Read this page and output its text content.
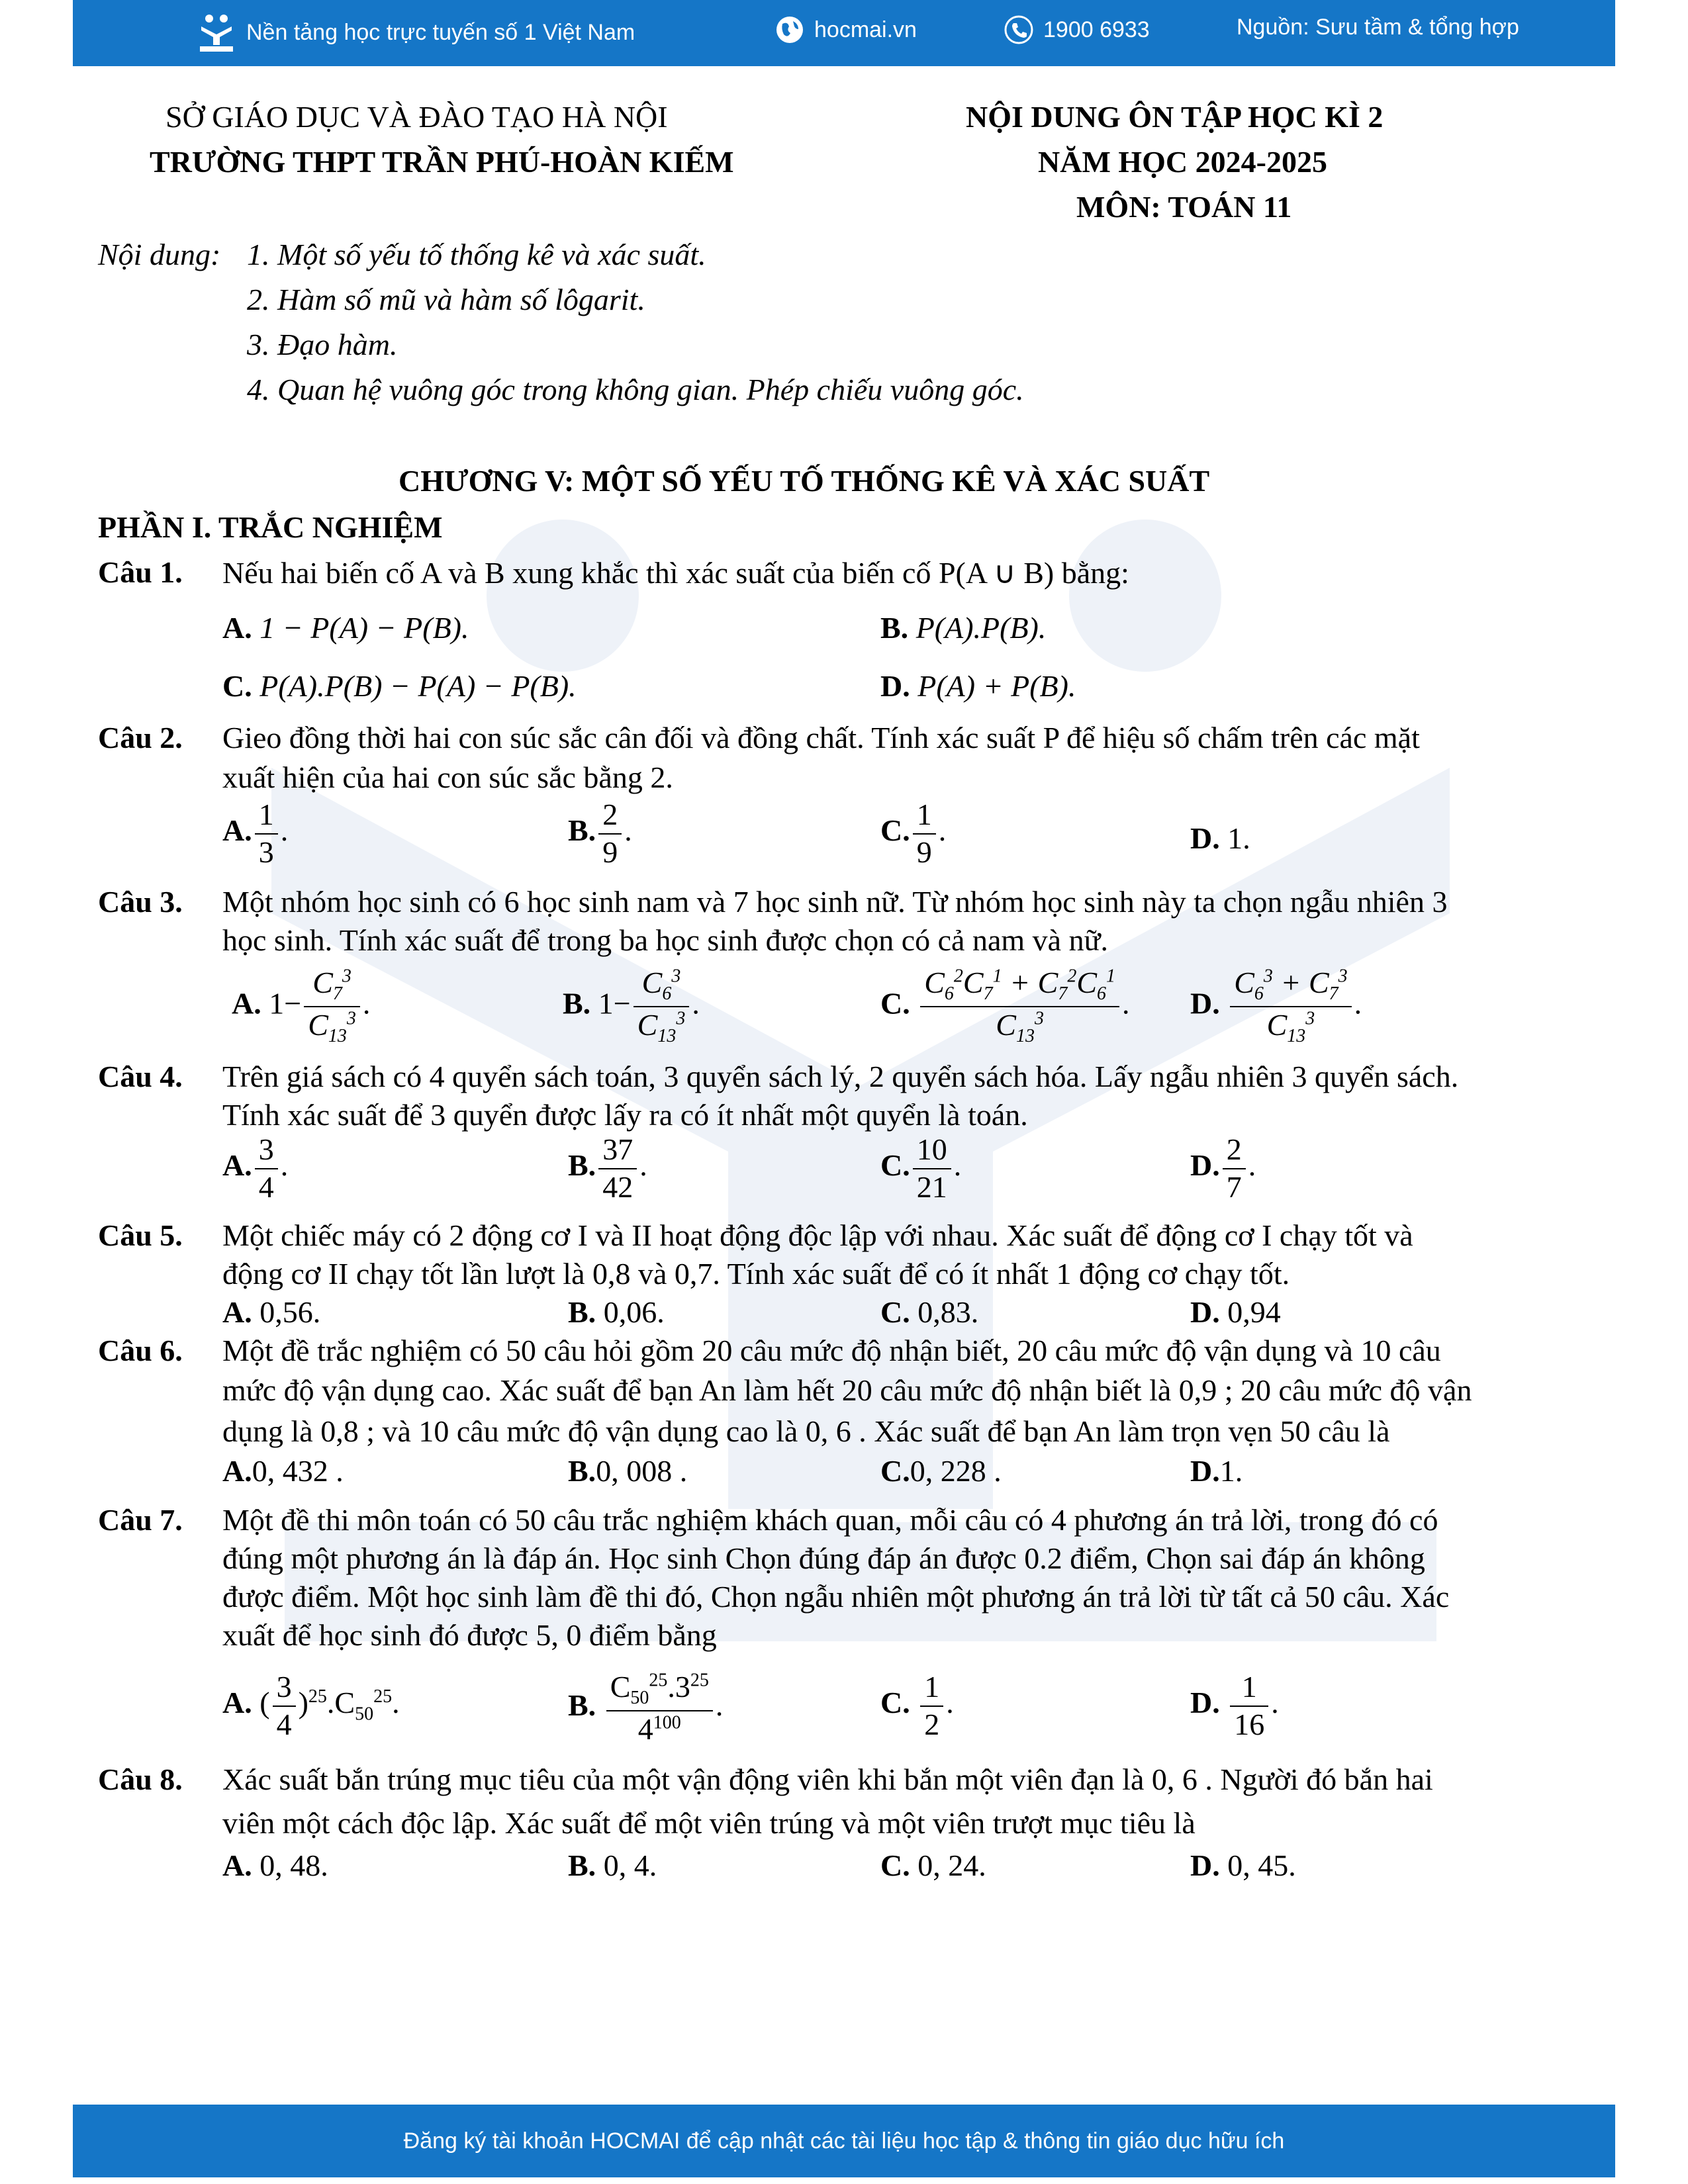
Nền tảng học trực tuyến số 1 Việt Nam	hocmai.vn	1900 6933	Nguồn: Sưu tầm & tổng hợp
SỞ GIÁO DỤC VÀ ĐÀO TẠO HÀ NỘI
TRƯỜNG THPT TRẦN PHÚ-HOÀN KIẾM
NỘI DUNG ÔN TẬP HỌC KÌ 2
NĂM HỌC 2024-2025
MÔN: TOÁN 11
Nội dung: 1. Một số yếu tố thống kê và xác suất.
2. Hàm số mũ và hàm số lôgarit.
3. Đạo hàm.
4. Quan hệ vuông góc trong không gian. Phép chiếu vuông góc.
CHƯƠNG V: MỘT SỐ YẾU TỐ THỐNG KÊ VÀ XÁC SUẤT
PHẦN I. TRẮC NGHIỆM
Câu 1. Nếu hai biến cố A và B xung khắc thì xác suất của biến cố P(A ∪ B) bằng:
A. 1 − P(A) − P(B).	B. P(A).P(B).
C. P(A).P(B) − P(A) − P(B).	D. P(A) + P(B).
Câu 2. Gieo đồng thời hai con súc sắc cân đối và đồng chất. Tính xác suất P để hiệu số chấm trên các mặt
xuất hiện của hai con súc sắc bằng 2.
A. $\frac{1}{3}$ .	B. $\frac{2}{9}$ .	C. $\frac{1}{9}$ .	D. 1.
Câu 3. Một nhóm học sinh có 6 học sinh nam và 7 học sinh nữ. Từ nhóm học sinh này ta chọn ngẫu nhiên 3
học sinh. Tính xác suất để trong ba học sinh được chọn có cả nam và nữ.
A. $1- \frac{C_7^3}{C_{13}^3}$ .	B. $1- \frac{C_6^3}{C_{13}^3}$ .	C. $\frac{C_6^2C_7^1 + C_7^2C_6^1}{C_{13}^3}$ . D. $\frac{C_6^3 + C_7^3}{C_{13}^3}$ .
Câu 4. Trên giá sách có 4 quyển sách toán, 3 quyển sách lý, 2 quyển sách hóa. Lấy ngẫu nhiên 3 quyển sách.
Tính xác suất để 3 quyển được lấy ra có ít nhất một quyển là toán.
A. $\frac{3}{4}$ .	B. $\frac{37}{42}$ .	C. $\frac{10}{21}$ .	D. $\frac{2}{7}$ .
Câu 5. Một chiếc máy có 2 động cơ I và II hoạt động độc lập với nhau. Xác suất để động cơ I chạy tốt và
động cơ II chạy tốt lần lượt là 0,8 và 0,7. Tính xác suất để có ít nhất 1 động cơ chạy tốt.
A. 0,56.	B. 0,06.	C. 0,83.	D. 0,94
Câu 6. Một đề trắc nghiệm có 50 câu hỏi gồm 20 câu mức độ nhận biết, 20 câu mức độ vận dụng và 10 câu
mức độ vận dụng cao. Xác suất để bạn An làm hết 20 câu mức độ nhận biết là 0,9 ; 20 câu mức độ vận
dụng là 0,8 ; và 10 câu mức độ vận dụng cao là 0, 6 . Xác suất để bạn An làm trọn vẹn 50 câu là
A.0, 432 .	B.0, 008 .	C.0, 228 .	D.1.
Câu 7. Một đề thi môn toán có 50 câu trắc nghiệm khách quan, mỗi câu có 4 phương án trả lời, trong đó có
đúng một phương án là đáp án. Học sinh Chọn đúng đáp án được 0.2 điểm, Chọn sai đáp án không
được điểm. Một học sinh làm đề thi đó, Chọn ngẫu nhiên một phương án trả lời từ tất cả 50 câu. Xác
xuất để học sinh đó được 5, 0 điểm bằng
A. ( $\frac{3}{4} )^{25}.C_{50}^{25}$.	B. $\frac{C_{50}^{25}.3^{25}}{4^{100}}$ .	C. $\frac{1}{2}$ .	D. $\frac{1}{16}$ .
Câu 8. Xác suất bắn trúng mục tiêu của một vận động viên khi bắn một viên đạn là 0, 6 . Người đó bắn hai
viên một cách độc lập. Xác suất để một viên trúng và một viên trượt mục tiêu là
A. 0, 48.	B. 0, 4.	C. 0, 24.	D. 0, 45.
Đăng ký tài khoản HOCMAI để cập nhật các tài liệu học tập & thông tin giáo dục hữu ích
